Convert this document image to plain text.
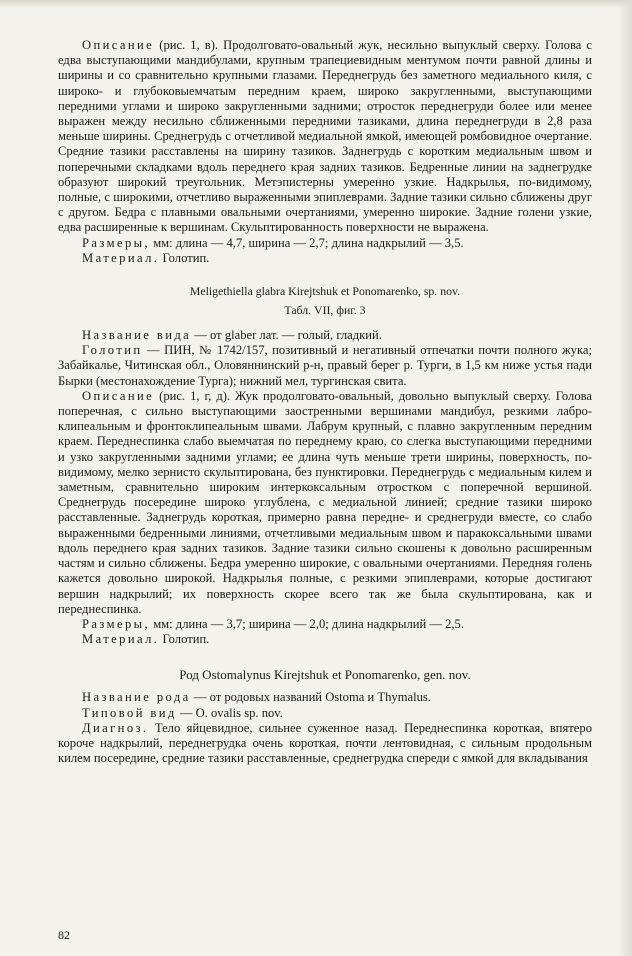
Описание (рис. 1, в). Продолговато-овальный жук, несильно выпуклый сверху. Голова с едва выступающими мандибулами, крупным трапециевидным ментумом почти равной длины и ширины и со сравнительно крупными глазами. Переднегрудь без заметного медиального киля, с широко- и глубоковыемчатым передним краем, широко закругленными, выступающими передними углами и широко закругленными задними; отросток переднегруди более или менее выражен между несильно сближенными передними тазиками, длина переднегруди в 2,8 раза меньше ширины. Среднегрудь с отчетливой медиальной ямкой, имеющей ромбовидное очертание. Средние тазики расставлены на ширину тазиков. Заднегрудь с коротким медиальным швом и поперечными складками вдоль переднего края задних тазиков. Бедренные линии на заднегрудке образуют широкий треугольник. Метэпистерны умеренно узкие. Надкрылья, по-видимому, полные, с широкими, отчетливо выраженными эпиплеврами. Задние тазики сильно сближены друг с другом. Бедра с плавными овальными очертаниями, умеренно широкие. Задние голени узкие, едва расширенные к вершинам. Скульптированность поверхности не выражена.

Размеры, мм: длина — 4,7, ширина — 2,7; длина надкрылий — 3,5.

Материал. Голотип.

Meligethiella glabra Kirejtshuk et Ponomarenko, sp. nov.
Табл. VII, фиг. 3

Название вида — от glaber лат. — голый, гладкий.

Голотип — ПИН, № 1742/157, позитивный и негативный отпечатки почти полного жука; Забайкалье, Читинская обл., Оловяннинский р-н, правый берег р. Турги, в 1,5 км ниже устья пади Бырки (местонахождение Турга); нижний мел, тургинская свита.

Описание (рис. 1, г, д). Жук продолговато-овальный, довольно выпуклый сверху. Голова поперечная, с сильно выступающими заостренными вершинами мандибул, резкими лабро-клипеальным и фронтоклипеальным швами. Лабрум крупный, с плавно закругленным передним краем. Переднеспинка слабо выемчатая по переднему краю, со слегка выступающими передними и узко закругленными задними углами; ее длина чуть меньше трети ширины, поверхность, по-видимому, мелко зернисто скульптирована, без пунктировки. Переднегрудь с медиальным килем и заметным, сравнительно широким интеркоксальным отростком с поперечной вершиной. Среднегрудь посередине широко углублена, с медиальной линией; средние тазики широко расставленные. Заднегрудь короткая, примерно равна передне- и среднегруди вместе, со слабо выраженными бедренными линиями, отчетливыми медиальным швом и паракоксальными швами вдоль переднего края задних тазиков. Задние тазики сильно скошены к довольно расширенным частям и сильно сближены. Бедра умеренно широкие, с овальными очертаниями. Передняя голень кажется довольно широкой. Надкрылья полные, с резкими эпиплеврами, которые достигают вершин надкрылий; их поверхность скорее всего так же была скульптирована, как и переднеспинка.

Размеры, мм: длина — 3,7; ширина — 2,0; длина надкрылий — 2,5.

Материал. Голотип.

Род Ostomalynus Kirejtshuk et Ponomarenko, gen. nov.

Название рода — от родовых названий Ostoma и Thymalus.

Типовой вид — O. ovalis sp. nov.

Диагноз. Тело яйцевидное, сильнее суженное назад. Переднеспинка короткая, впятеро короче надкрылий, переднегрудка очень короткая, почти лентовидная, с сильным продольным килем посередине, средние тазики расставленные, среднегрудка спереди с ямкой для вкладывания

82
